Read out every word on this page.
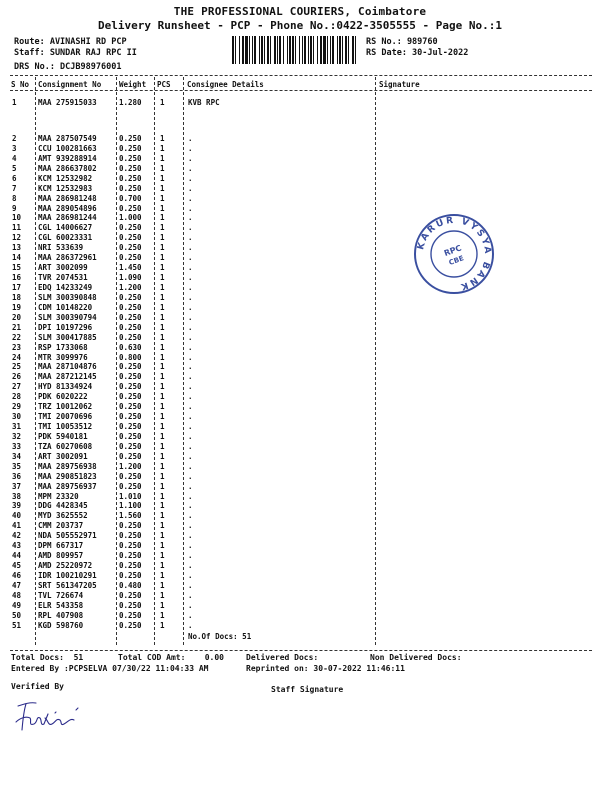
THE PROFESSIONAL COURIERS, Coimbatore
Delivery Runsheet - PCP - Phone No.:0422-3505555 - Page No.:1
Route: AVINASHI RD PCP
Staff: SUNDAR RAJ RPC II
DRS No.: DCJB98976001
RS No.: 989760
RS Date: 30-Jul-2022
S No Consignment No Weight PCS Consignee Details	Signature
1	MAA 275915033	1.280 1	KVB RPC
2	MAA 287507549	0.250 1	.
3	CCU 100281663	0.250 1	.
4	AMT 939288914	0.250 1	.
5	MAA 286637802	0.250 1	.
6	KCM 12532982	0.250 1	.
7	KCM 12532983	0.250 1	.
8	MAA 286981248	0.700 1	.
9	MAA 289054896	0.250 1	.
10 MAA 286981244	1.000 1	.
11 CGL 14006627	0.250 1	.
12 CGL 60023331	0.250 1	.
13 NRI 533639	0.250 1	.
14 MAA 286372961	0.250 1	.
15 ART 3002099	1.450 1	.
16 TVR 2074531	1.090 1	.
17 EDQ 14233249	1.200 1	.
18 SLM 300390848	0.250 1	.
19 CDM 10148220	0.250 1	.
20 SLM 300390794	0.250 1	.
21 DPI 10197296	0.250 1	.
22 SLM 300417885	0.250 1	.
23 RSP 1733068	0.630 1	.
24 MTR 3099976	0.800 1	.
25 MAA 287104876	0.250 1	.
26 MAA 287212145	0.250 1	.
27 HYD 81334924	0.250 1	.
28 PDK 6020222	0.250 1	.
29 TRZ 10012062	0.250 1	.
30 TMI 20070696	0.250 1	.
31 TMI 10053512	0.250 1	.
32 PDK 5940181	0.250 1	.
33 TZA 60270608	0.250 1	.
34 ART 3002091	0.250 1	.
35 MAA 289756938	1.200 1	.
36 MAA 290851823	0.250 1	.
37 MAA 289756937	0.250 1	.
38 MPM 23320	1.010 1	.
39 DDG 4428345	1.100 1	.
40 MYD 3625552	1.560 1	.
41 CMM 203737	0.250 1	.
42 NDA 505552971	0.250 1	.
43 DPM 667317	0.250 1	.
44 AMD 809957	0.250 1	.
45 AMD 25220972	0.250 1	.
46 IDR 100210291	0.250 1	.
47 SRT 561347205	0.480 1	.
48 TVL 726674	0.250 1	.
49 ELR 543358	0.250 1	.
50 RPL 407908	0.250 1	.
51 KGD 598760	0.250 1	.
No.Of Docs: 51
KARUR VYSYA BANK
RPC
CBE
Total Docs:  51	Total COD Amt:    0.00	Delivered Docs:	Non Delivered Docs:
Entered By :PCPSELVA 07/30/22 11:04:33 AM	Reprinted on: 30-07-2022 11:46:11
Verified By	Staff Signature
